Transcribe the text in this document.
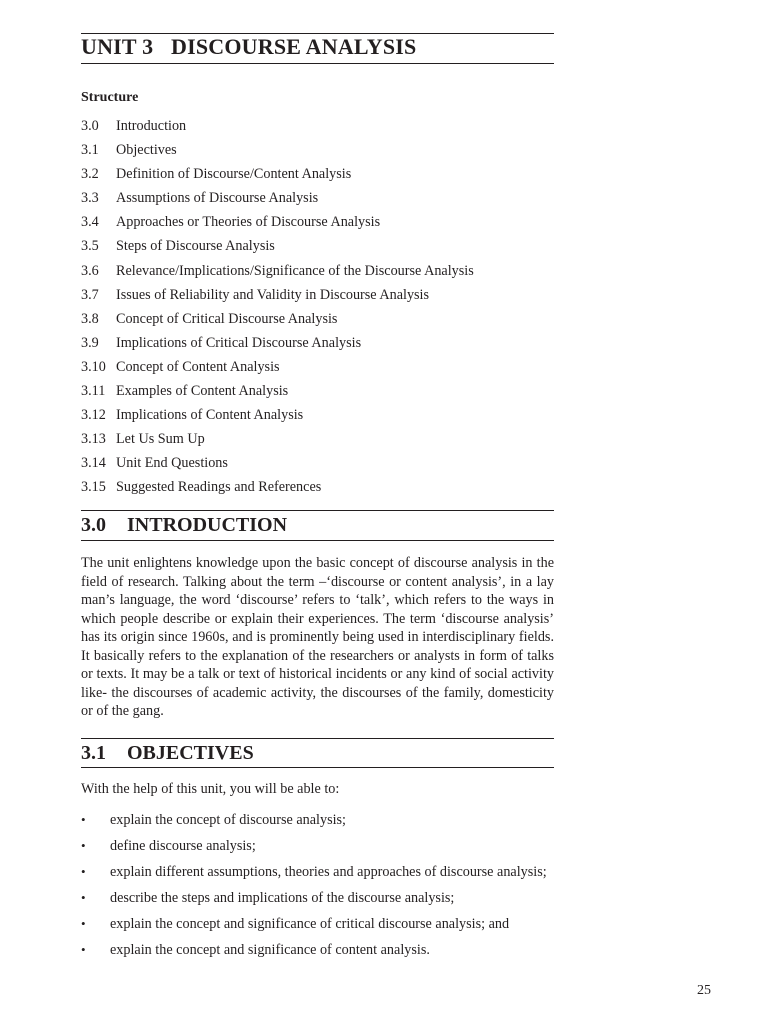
UNIT 3 DISCOURSE ANALYSIS
Structure
3.0 Introduction
3.1 Objectives
3.2 Definition of Discourse/Content Analysis
3.3 Assumptions of Discourse Analysis
3.4 Approaches or Theories of Discourse Analysis
3.5 Steps of Discourse Analysis
3.6 Relevance/Implications/Significance of the Discourse Analysis
3.7 Issues of Reliability and Validity in Discourse Analysis
3.8 Concept of Critical Discourse Analysis
3.9 Implications of Critical Discourse Analysis
3.10 Concept of Content Analysis
3.11 Examples of Content Analysis
3.12 Implications of Content Analysis
3.13 Let Us Sum Up
3.14 Unit End Questions
3.15 Suggested Readings and References
3.0 INTRODUCTION

The unit enlightens knowledge upon the basic concept of discourse analysis in the field of research. Talking about the term –‘discourse or content analysis’, in a lay man’s language, the word ‘discourse’ refers to ‘talk’, which refers to the ways in which people describe or explain their experiences. The term ‘discourse analysis’ has its origin since 1960s, and is prominently being used in interdisciplinary fields. It basically refers to the explanation of the researchers or analysts in form of talks or texts. It may be a talk or text of historical incidents or any kind of social activity like- the discourses of academic activity, the discourses of the family, domesticity or of the gang.

3.1 OBJECTIVES
With the help of this unit, you will be able to:
• explain the concept of discourse analysis;
• define discourse analysis;
• explain different assumptions, theories and approaches of discourse analysis;
• describe the steps and implications of the discourse analysis;
• explain the concept and significance of critical discourse analysis; and
• explain the concept and significance of content analysis.
25
